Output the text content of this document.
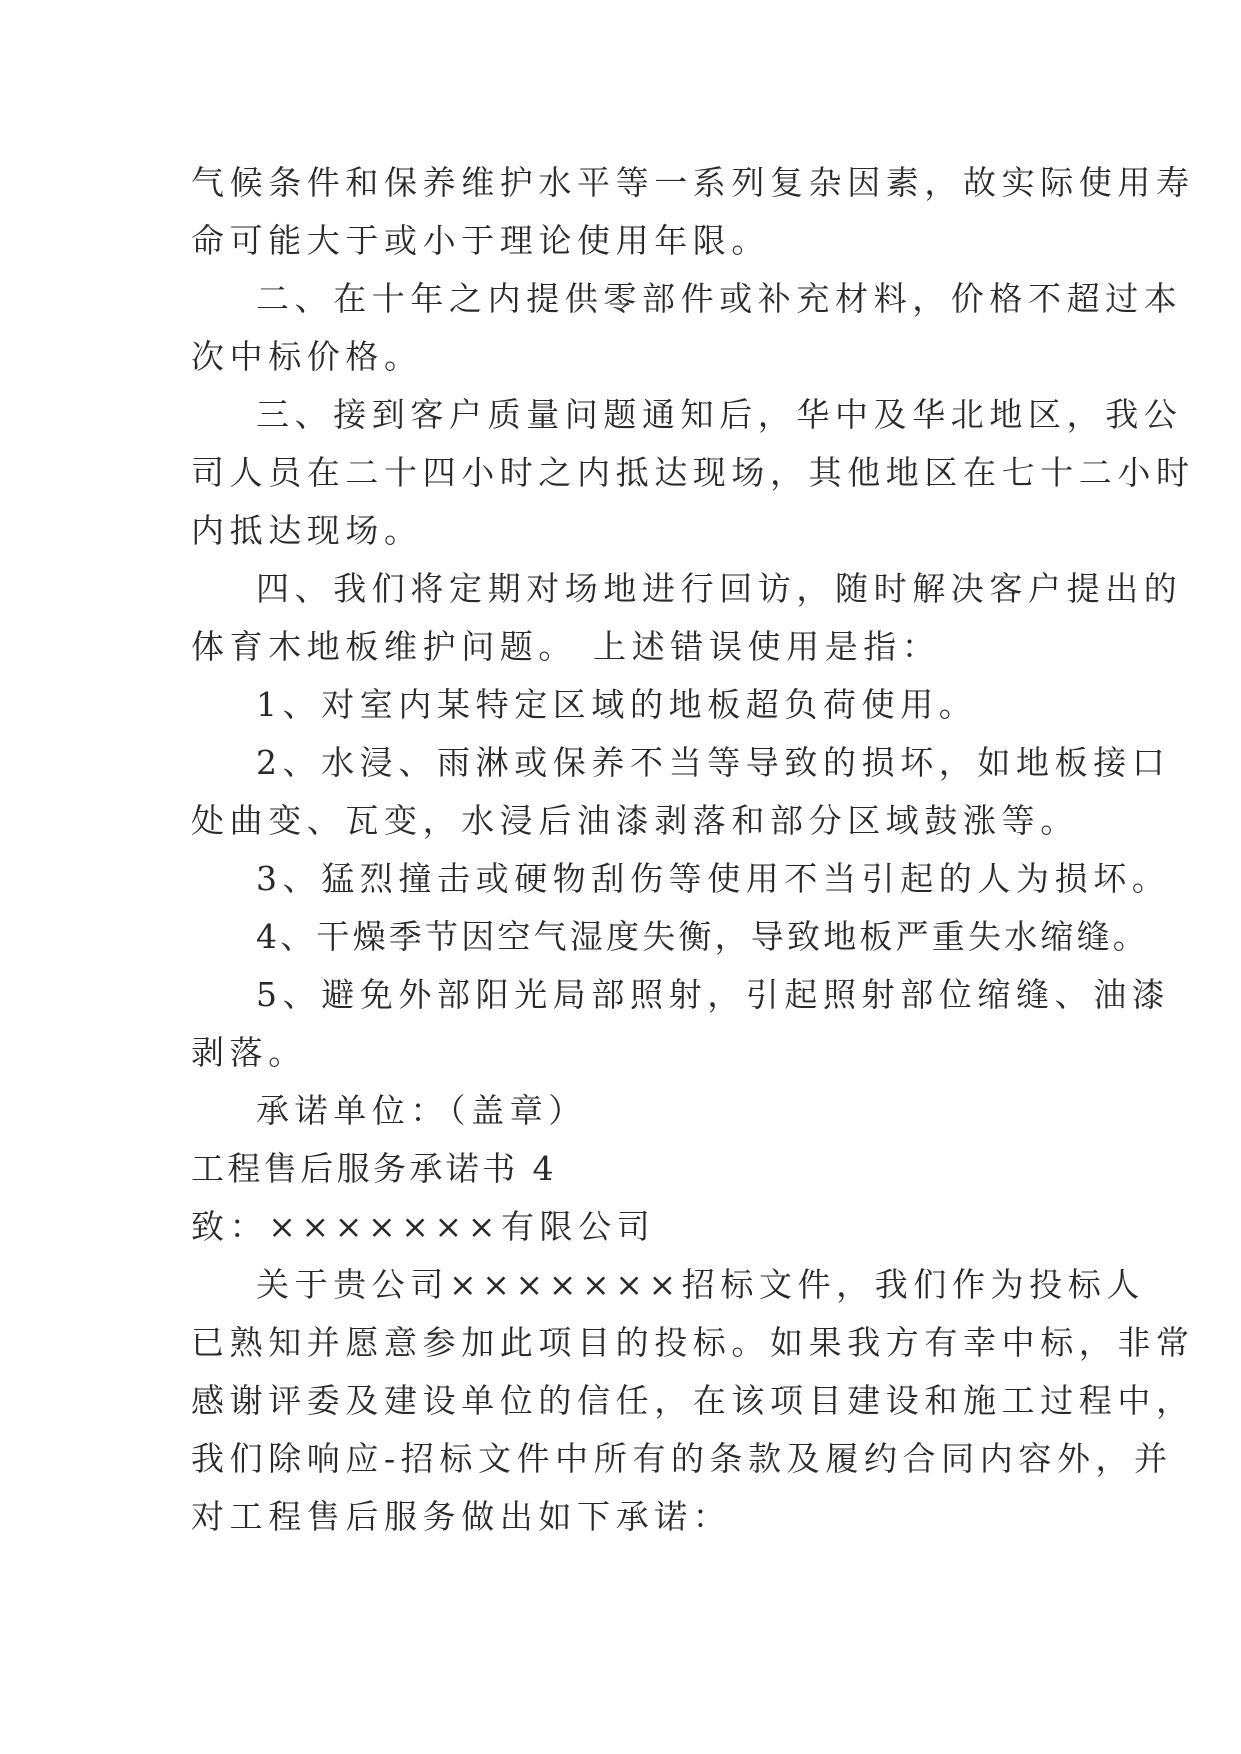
气候条件和保养维护水平等一系列复杂因素，故实际使用寿
命可能大于或小于理论使用年限。
二、在十年之内提供零部件或补充材料，价格不超过本
次中标价格。
三、接到客户质量问题通知后，华中及华北地区，我公
司人员在二十四小时之内抵达现场，其他地区在七十二小时
内抵达现场。
四、我们将定期对场地进行回访，随时解决客户提出的
体育木地板维护问题。 上述错误使用是指：
1、对室内某特定区域的地板超负荷使用。
2、水浸、雨淋或保养不当等导致的损坏，如地板接口
处曲变、瓦变，水浸后油漆剥落和部分区域鼓涨等。
3、猛烈撞击或硬物刮伤等使用不当引起的人为损坏。
4、干燥季节因空气湿度失衡，导致地板严重失水缩缝。
5、避免外部阳光局部照射，引起照射部位缩缝、油漆
剥落。
承诺单位：（盖章）
工程售后服务承诺书 4
致：×××××××有限公司
关于贵公司×××××××招标文件，我们作为投标人
已熟知并愿意参加此项目的投标。如果我方有幸中标，非常
感谢评委及建设单位的信任，在该项目建设和施工过程中，
我们除响应-招标文件中所有的条款及履约合同内容外，并
对工程售后服务做出如下承诺：
